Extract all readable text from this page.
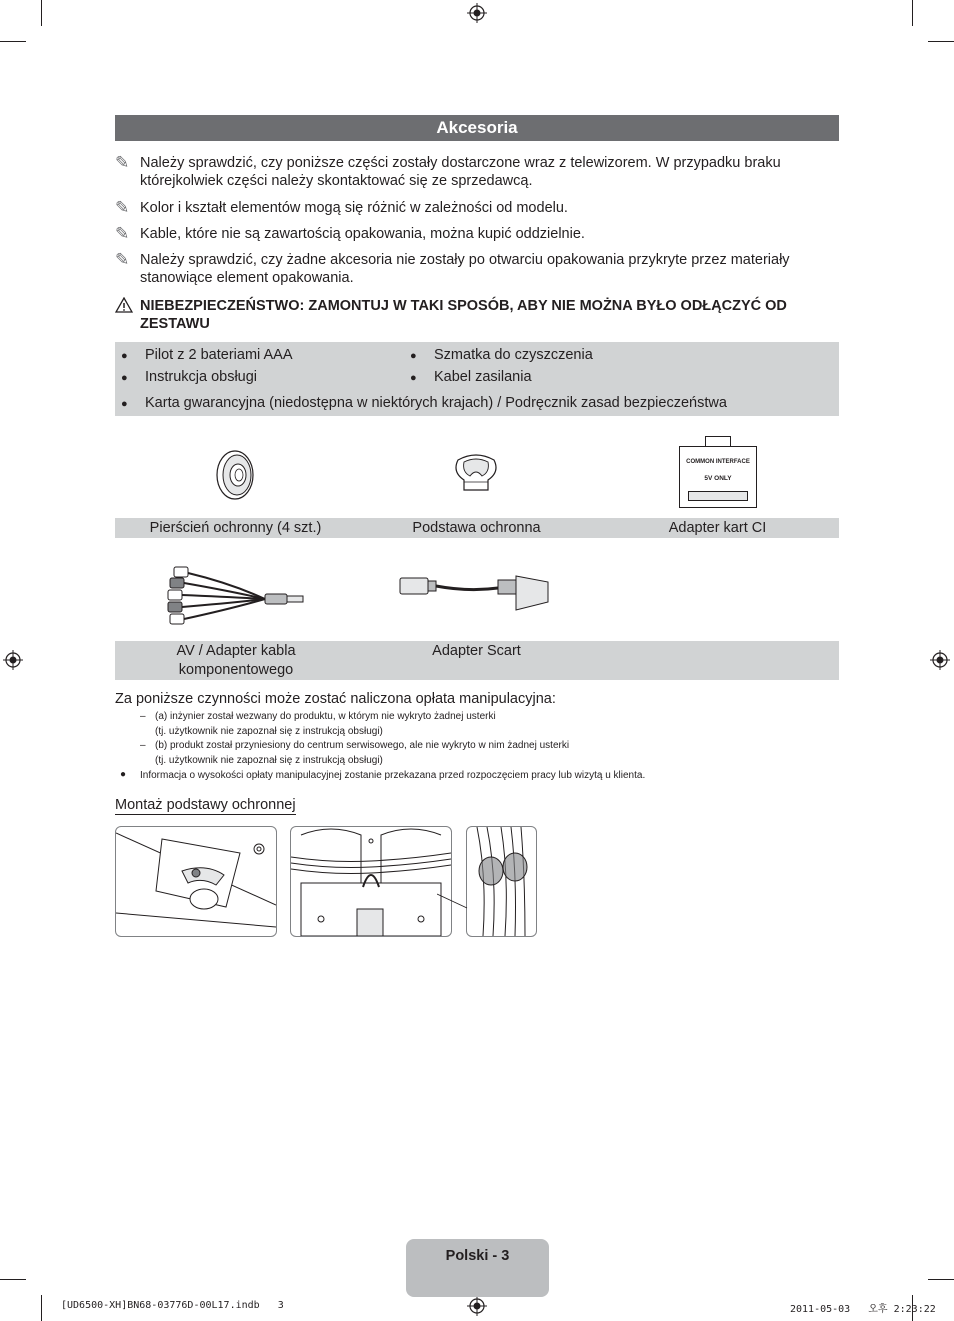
Akcesoria
✎ Należy sprawdzić, czy poniższe części zostały dostarczone wraz z telewizorem. W przypadku braku którejkolwiek części należy skontaktować się ze sprzedawcą.
✎ Kolor i kształt elementów mogą się różnić w zależności od modelu.
✎ Kable, które nie są zawartością opakowania, można kupić oddzielnie.
✎ Należy sprawdzić, czy żadne akcesoria nie zostały po otwarciu opakowania przykryte przez materiały stanowiące element opakowania.
NIEBEZPIECZEŃSTWO: ZAMONTUJ W TAKI SPOSÓB, ABY NIE MOŻNA BYŁO ODŁĄCZYĆ OD ZESTAWU
● Pilot z 2 bateriami AAA
● Instrukcja obsługi
● Szmatka do czyszczenia
● Kabel zasilania
● Karta gwarancyjna (niedostępna w niektórych krajach) / Podręcznik zasad bezpieczeństwa
COMMON INTERFACE
5V ONLY
Pierścień ochronny (4 szt.)	Podstawa ochronna	Adapter kart CI
AV / Adapter kabla komponentowego
Adapter Scart
Za poniższe czynności może zostać naliczona opłata manipulacyjna:
– (a) inżynier został wezwany do produktu, w którym nie wykryto żadnej usterki
(tj. użytkownik nie zapoznał się z instrukcją obsługi)
– (b) produkt został przyniesiony do centrum serwisowego, ale nie wykryto w nim żadnej usterki
(tj. użytkownik nie zapoznał się z instrukcją obsługi)
● Informacja o wysokości opłaty manipulacyjnej zostanie przekazana przed rozpoczęciem pracy lub wizytą u klienta.
Montaż podstawy ochronnej
Polski - 3
[UD6500-XH]BN68-03776D-00L17.indb   3	2011-05-03   오후 2:23:22
